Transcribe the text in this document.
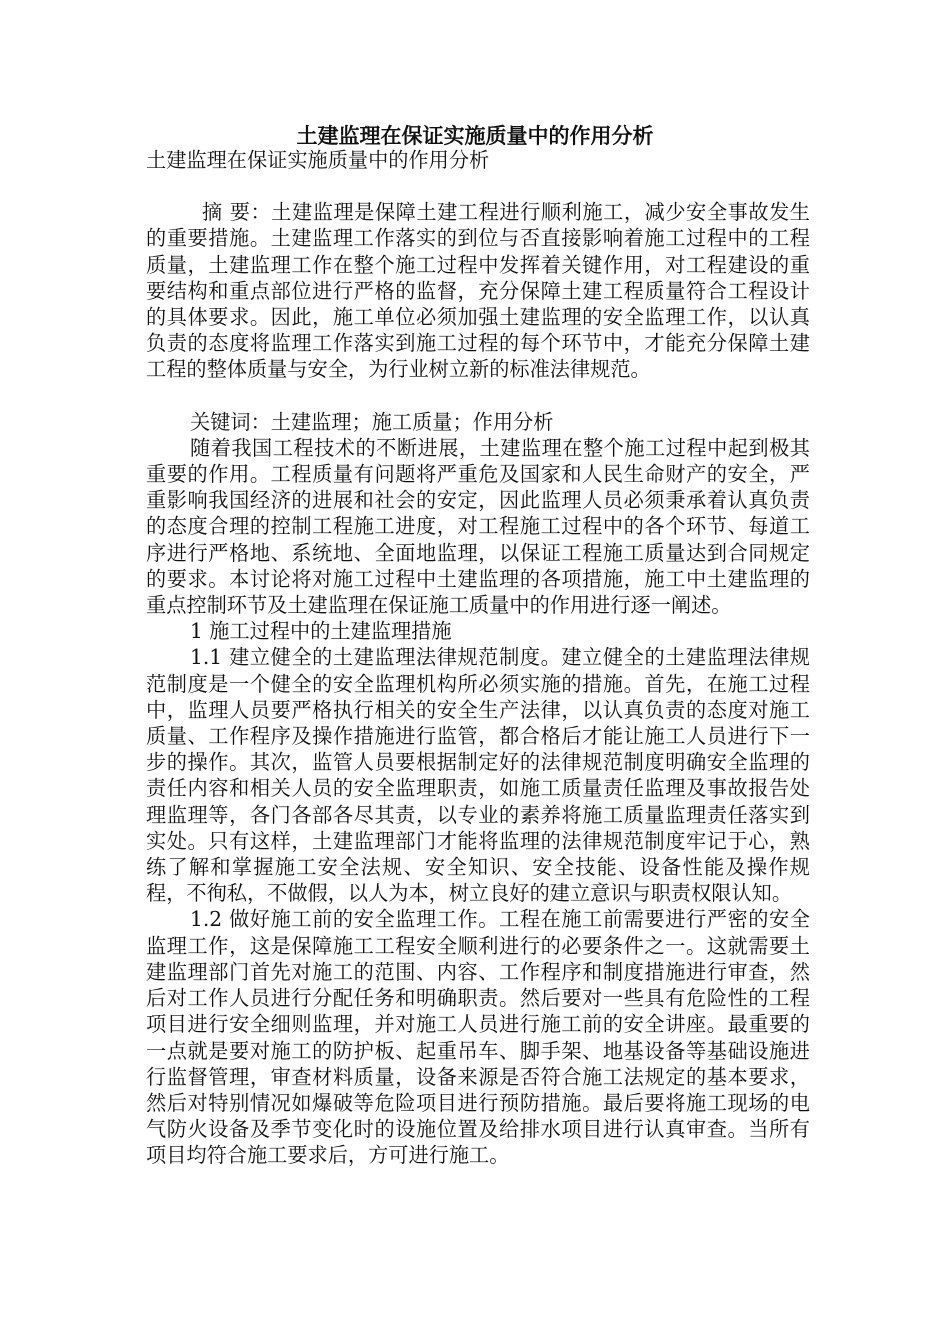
土建监理在保证实施质量中的作用分析

土建监理在保证实施质量中的作用分析

摘 要：土建监理是保障土建工程进行顺利施工，减少安全事故发生的重要措施。土建监理工作落实的到位与否直接影响着施工过程中的工程质量，土建监理工作在整个施工过程中发挥着关键作用，对工程建设的重要结构和重点部位进行严格的监督，充分保障土建工程质量符合工程设计的具体要求。因此，施工单位必须加强土建监理的安全监理工作，以认真负责的态度将监理工作落实到施工过程的每个环节中，才能充分保障土建工程的整体质量与安全，为行业树立新的标准法律规范。

关键词：土建监理；施工质量；作用分析

随着我国工程技术的不断进展，土建监理在整个施工过程中起到极其重要的作用。工程质量有问题将严重危及国家和人民生命财产的安全，严重影响我国经济的进展和社会的安定，因此监理人员必须秉承着认真负责的态度合理的控制工程施工进度，对工程施工过程中的各个环节、每道工序进行严格地、系统地、全面地监理，以保证工程施工质量达到合同规定的要求。本讨论将对施工过程中土建监理的各项措施，施工中土建监理的重点控制环节及土建监理在保证施工质量中的作用进行逐一阐述。

1 施工过程中的土建监理措施

1.1 建立健全的土建监理法律规范制度。建立健全的土建监理法律规范制度是一个健全的安全监理机构所必须实施的措施。首先，在施工过程中，监理人员要严格执行相关的安全生产法律，以认真负责的态度对施工质量、工作程序及操作措施进行监管，都合格后才能让施工人员进行下一步的操作。其次，监管人员要根据制定好的法律规范制度明确安全监理的责任内容和相关人员的安全监理职责，如施工质量责任监理及事故报告处理监理等，各门各部各尽其责，以专业的素养将施工质量监理责任落实到实处。只有这样，土建监理部门才能将监理的法律规范制度牢记于心，熟练了解和掌握施工安全法规、安全知识、安全技能、设备性能及操作规程，不徇私，不做假，以人为本，树立良好的建立意识与职责权限认知。

1.2 做好施工前的安全监理工作。工程在施工前需要进行严密的安全监理工作，这是保障施工工程安全顺利进行的必要条件之一。这就需要土建监理部门首先对施工的范围、内容、工作程序和制度措施进行审查，然后对工作人员进行分配任务和明确职责。然后要对一些具有危险性的工程项目进行安全细则监理，并对施工人员进行施工前的安全讲座。最重要的一点就是要对施工的防护板、起重吊车、脚手架、地基设备等基础设施进行监督管理，审查材料质量，设备来源是否符合施工法规定的基本要求，然后对特别情况如爆破等危险项目进行预防措施。最后要将施工现场的电气防火设备及季节变化时的设施位置及给排水项目进行认真审查。当所有项目均符合施工要求后，方可进行施工。
